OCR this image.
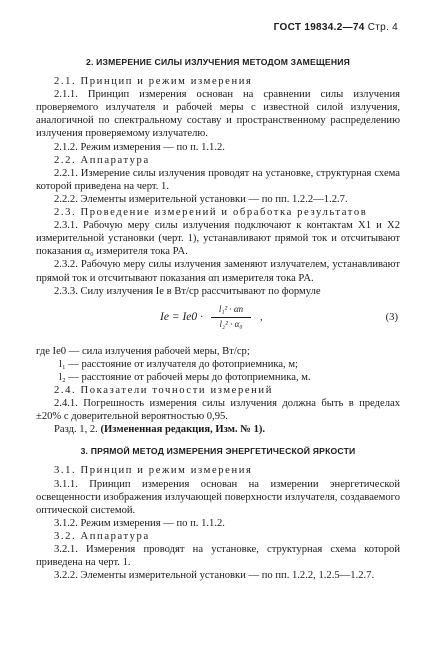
ГОСТ 19834.2—74 Стр. 4
2. ИЗМЕРЕНИЕ СИЛЫ ИЗЛУЧЕНИЯ МЕТОДОМ ЗАМЕЩЕНИЯ

2.1. Принцип и режим измерения

2.1.1. Принцип измерения основан на сравнении силы излучения проверяемого излучателя и рабочей меры с известной силой излучения, аналогичной по спектральному составу и пространственному распределению излучения проверяемому излучателю.

2.1.2. Режим измерения — по п. 1.1.2.

2.2. Аппаратура

2.2.1. Измерение силы излучения проводят на установке, структурная схема которой приведена на черт. 1.

2.2.2. Элементы измерительной установки — по пп. 1.2.2—1.2.7.

2.3. Проведение измерений и обработка результатов

2.3.1. Рабочую меру силы излучения подключают к контактам X1 и X2 измерительной установки (черт. 1), устанавливают прямой ток и отсчитывают показания α₀ измерителя тока PA.

2.3.2. Рабочую меру силы излучения заменяют излучателем, устанавливают прямой ток и отсчитывают показания αп измерителя тока PA.

2.3.3. Силу излучения Iе в Вт/ср рассчитывают по формуле

Iе = Iе0 ·
l₁² · αп
l₂² · α₀
,	(3)
где Iе0 — сила излучения рабочей меры, Вт/ср;
l₁ — расстояние от излучателя до фотоприемника, м;
l₂ — расстояние от рабочей меры до фотоприемника, м.

2.4. Показатели точности измерений

2.4.1. Погрешность измерения силы излучения должна быть в пределах ±20% с доверительной вероятностью 0,95.

Разд. 1, 2. (Измененная редакция, Изм. № 1).

3. ПРЯМОЙ МЕТОД ИЗМЕРЕНИЯ ЭНЕРГЕТИЧЕСКОЙ ЯРКОСТИ

3.1. Принцип и режим измерения

3.1.1. Принцип измерения основан на измерении энергетической освещенности изображения излучающей поверхности излучателя, создаваемого оптической системой.

3.1.2. Режим измерения — по п. 1.1.2.

3.2. Аппаратура

3.2.1. Измерения проводят на установке, структурная схема которой приведена на черт. 1.

3.2.2. Элементы измерительной установки — по пп. 1.2.2, 1.2.5—1.2.7.
